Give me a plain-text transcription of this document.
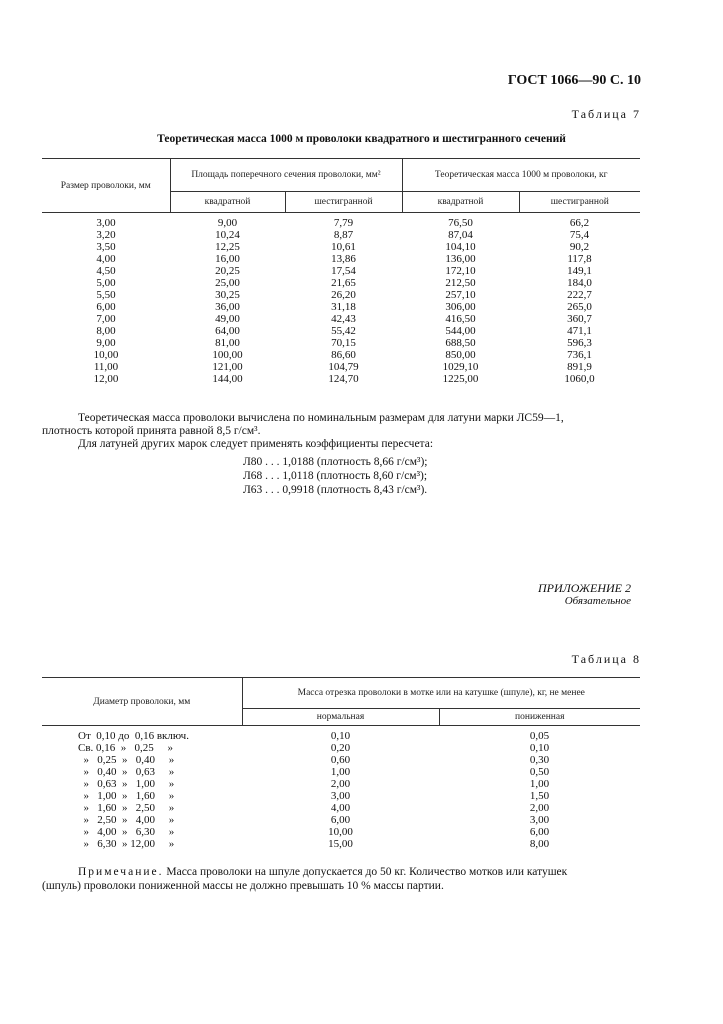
ГОСТ 1066—90 С. 10
Таблица 7
Теоретическая масса 1000 м проволоки квадратного и шестигранного сечений
Размер проволоки, мм	Площадь поперечного сечения проволоки, мм²		Теоретическая масса 1000 м проволоки, кг	
	квадратной	шестигранной	квадратной	шестигранной
3,00	9,00	7,79	76,50	66,2
3,20	10,24	8,87	87,04	75,4
3,50	12,25	10,61	104,10	90,2
4,00	16,00	13,86	136,00	117,8
4,50	20,25	17,54	172,10	149,1
5,00	25,00	21,65	212,50	184,0
5,50	30,25	26,20	257,10	222,7
6,00	36,00	31,18	306,00	265,0
7,00	49,00	42,43	416,50	360,7
8,00	64,00	55,42	544,00	471,1
9,00	81,00	70,15	688,50	596,3
10,00	100,00	86,60	850,00	736,1
11,00	121,00	104,79	1029,10	891,9
12,00	144,00	124,70	1225,00	1060,0
Теоретическая масса проволоки вычислена по номинальным размерам для латуни марки ЛС59—1,
плотность которой принята равной 8,5 г/см³.
Для латуней других марок следует применять коэффициенты пересчета:
Л80 . . . 1,0188 (плотность 8,66 г/см³);
Л68 . . . 1,0118 (плотность 8,60 г/см³);
Л63 . . . 0,9918 (плотность 8,43 г/см³).
ПРИЛОЖЕНИЕ 2
Обязательное
Таблица 8
Диаметр проволоки, мм	Масса отрезка проволоки в мотке или на катушке (шпуле), кг, не менее	
	нормальная	пониженная
От  0,10 до  0,16 включ.	0,10	0,05
Св. 0,16  »   0,25     »	0,20	0,10
»   0,25  »   0,40     »	0,60	0,30
»   0,40  »   0,63     »	1,00	0,50
»   0,63  »   1,00     »	2,00	1,00
»   1,00  »   1,60     »	3,00	1,50
»   1,60  »   2,50     »	4,00	2,00
»   2,50  »   4,00     »	6,00	3,00
»   4,00  »   6,30     »	10,00	6,00
»   6,30  » 12,00     »	15,00	8,00
Примечание. Масса проволоки на шпуле допускается до 50 кг. Количество мотков или катушек
(шпуль) проволоки пониженной массы не должно превышать 10 % массы партии.
